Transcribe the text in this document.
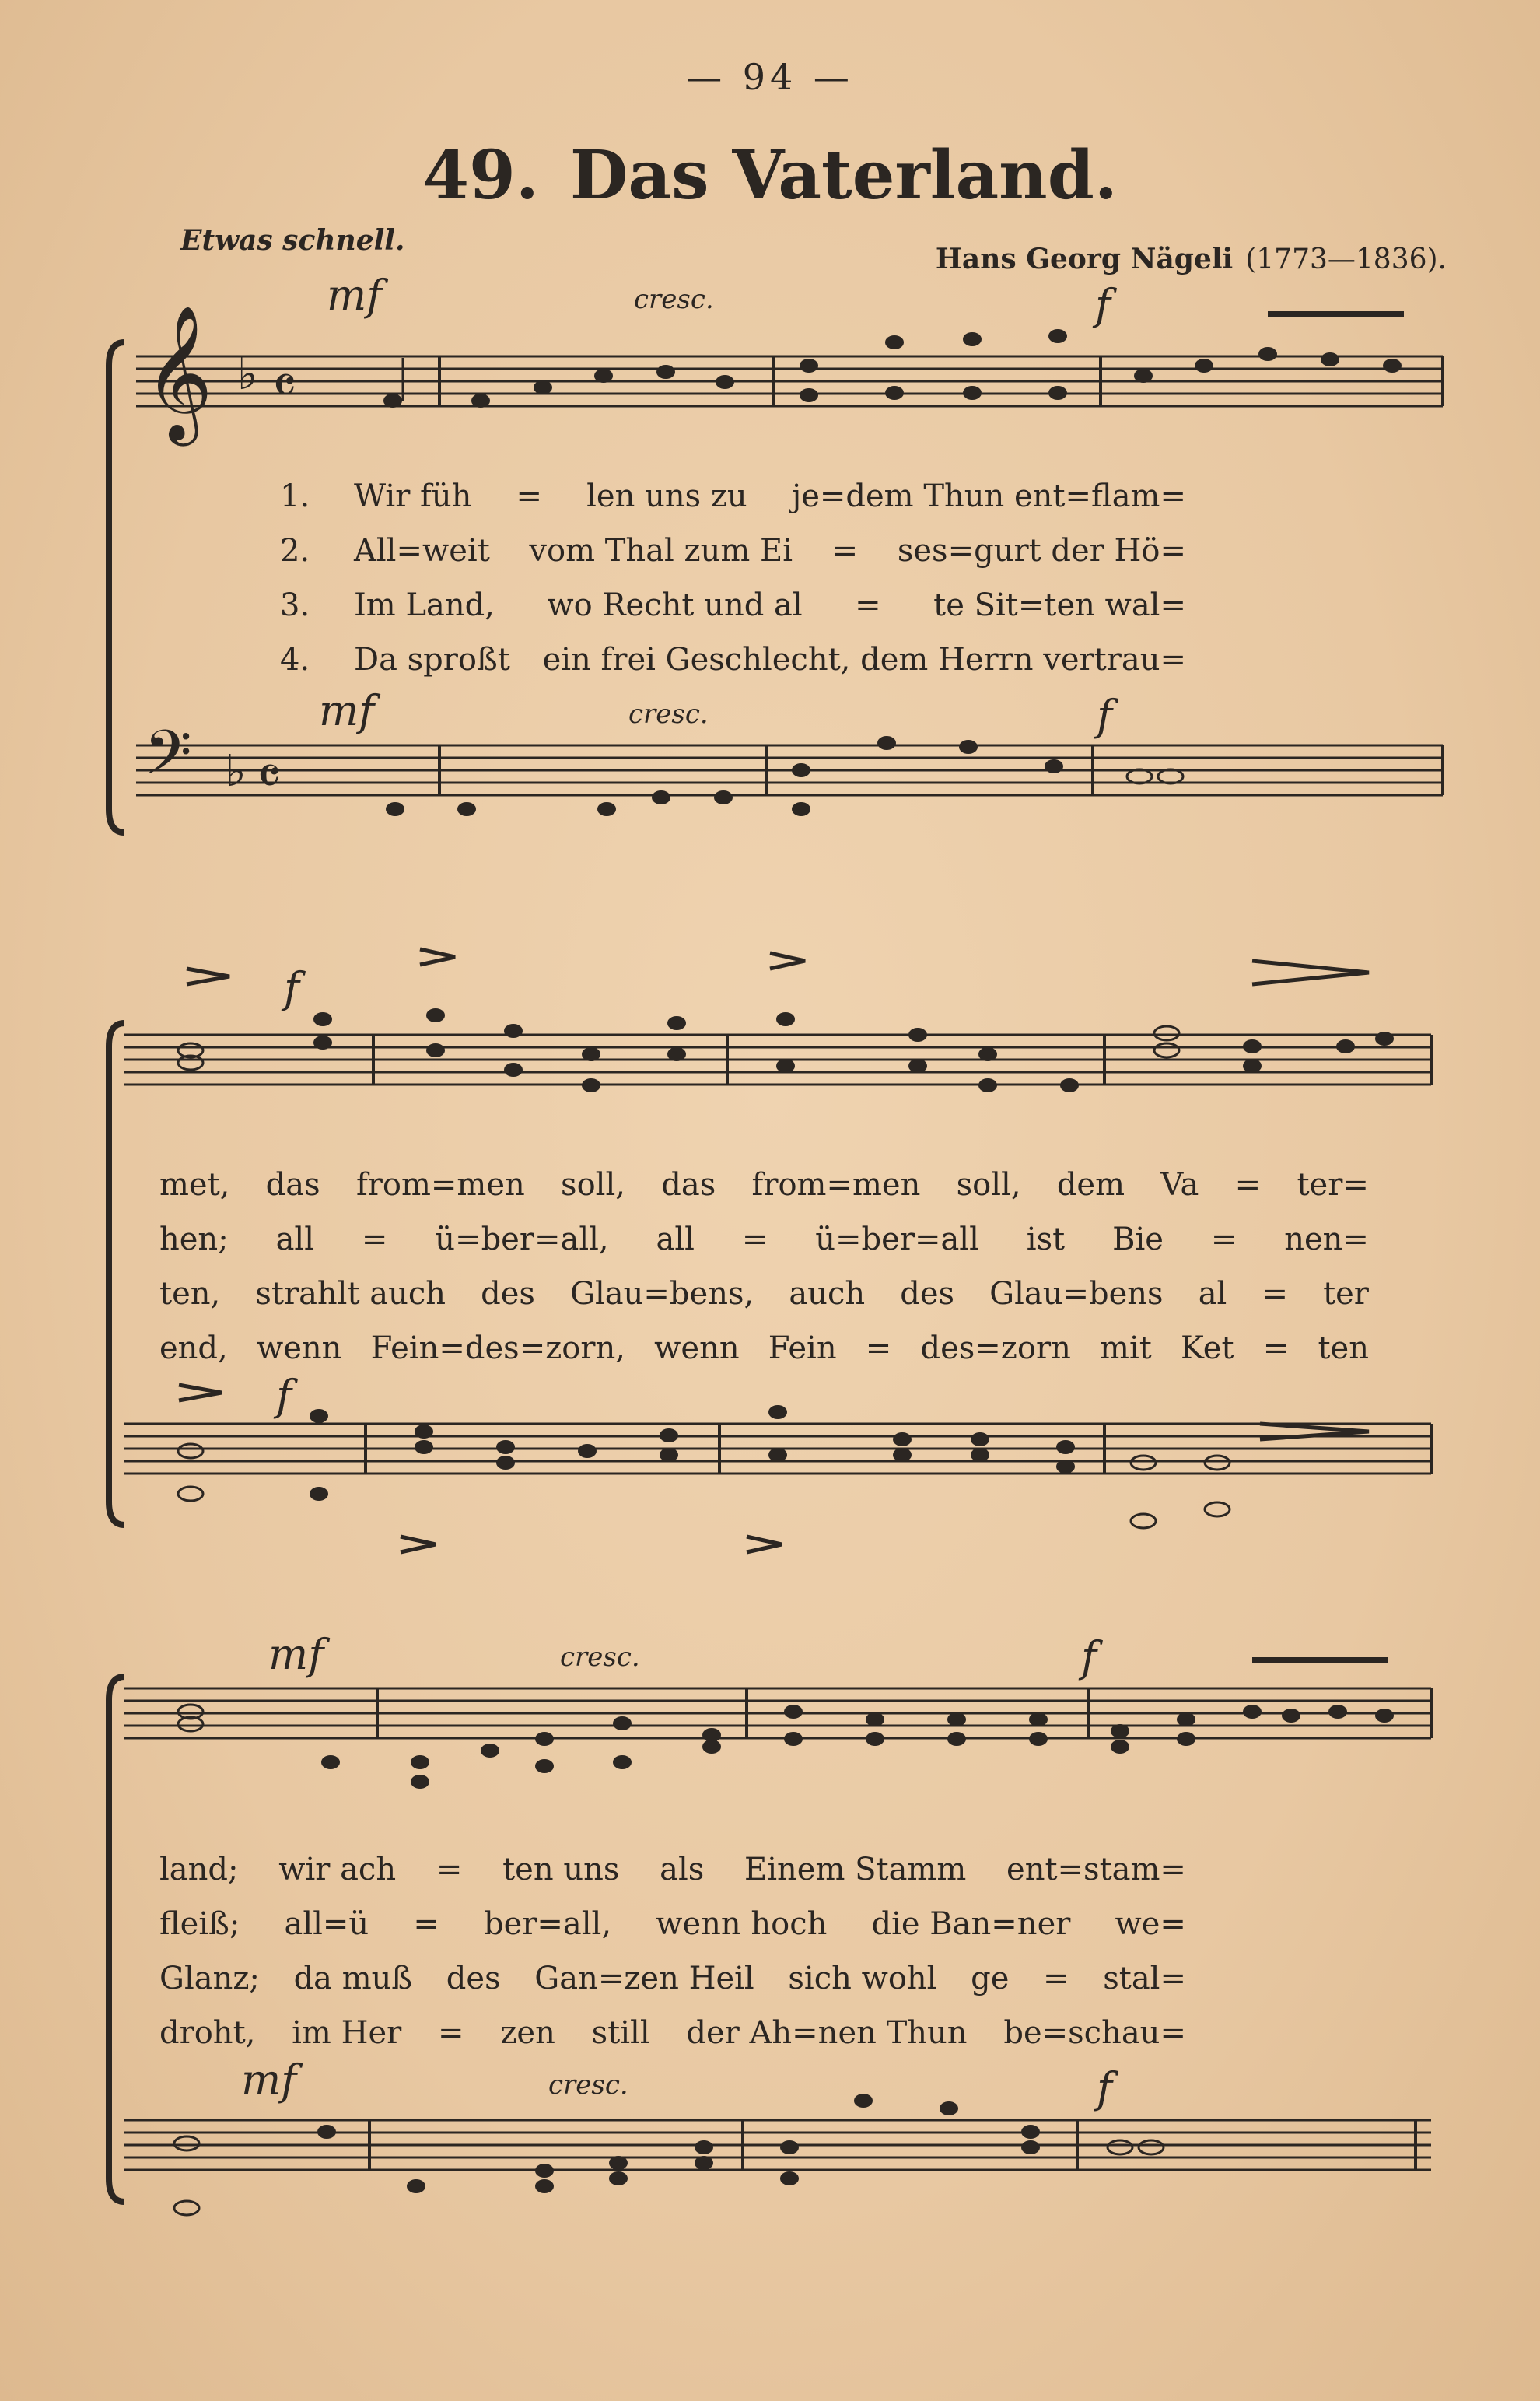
— 94 —
49. Das Vaterland.
Etwas schnell.
Hans Georg Nägeli (1773—1836).
𝄞 ♭ 𝄴
𝄢 ♭ 𝄴
mf	cresc.	f
mf	cresc.	f
f
f
mf	cresc.	f
mf	cresc.	f
1.
2.
3.
4.
Wir füh = len uns zu je=dem Thun ent=flam=
All=weit vom Thal zum Ei = ses=gurt der Hö=
Im Land, wo Recht und al = te Sit=ten wal=
Da sproßt ein frei Geschlecht, dem Herrn vertrau=
met, das from=men soll, das from=men soll, dem Va = ter=
hen; all = ü=ber=all, all = ü=ber=all ist Bie = nen=
ten, strahlt auch des Glau=bens, auch des Glau=bens al = ter
end, wenn Fein=des=zorn, wenn Fein = des=zorn mit Ket = ten
land; wir ach = ten uns als Einem Stamm ent=stam=
fleiß; all=ü = ber=all, wenn hoch die Ban=ner we=
Glanz; da muß des Gan=zen Heil sich wohl ge = stal=
droht, im Her = zen still der Ah=nen Thun be=schau=
